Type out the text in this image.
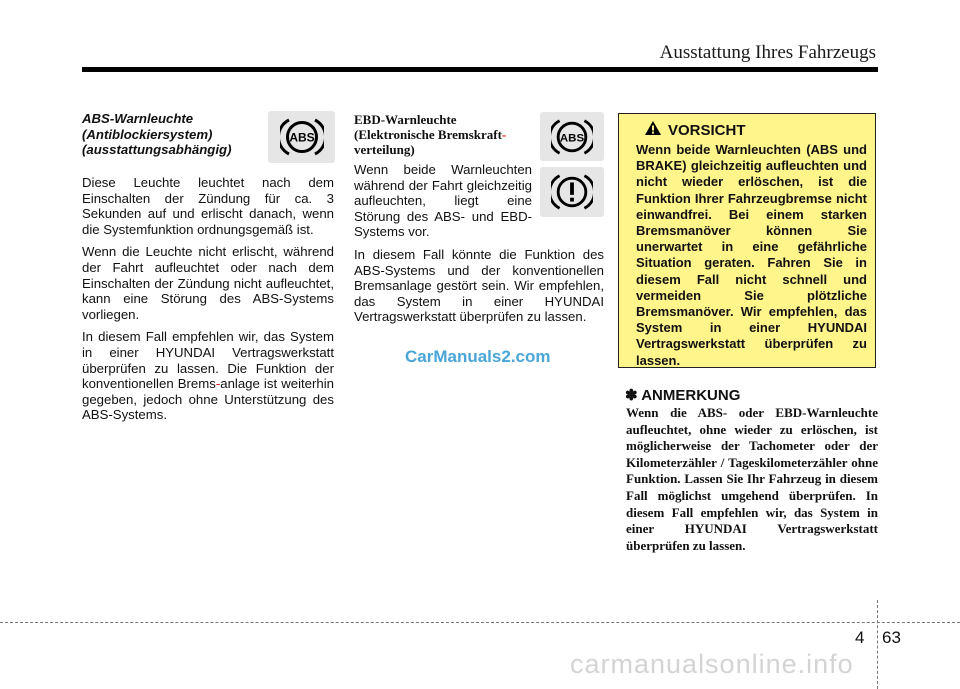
Ausstattung Ihres Fahrzeugs
ABS-Warnleuchte
(Antiblockiersystem)
(ausstattungsabhängig)
ABS

Diese Leuchte leuchtet nach dem Einschalten der Zündung für ca. 3 Sekunden auf und erlischt danach, wenn die Systemfunktion ordnungsgemäß ist.

Wenn die Leuchte nicht erlischt, während der Fahrt aufleuchtet oder nach dem Einschalten der Zündung nicht aufleuchtet, kann eine Störung des ABS-Systems vorliegen.

In diesem Fall empfehlen wir, das System in einer HYUNDAI Vertragswerkstatt überprüfen zu lassen. Die Funktion der konventionellen Brems-anlage ist weiterhin gegeben, jedoch ohne Unterstützung des ABS-Systems.

EBD-Warnleuchte
(Elektronische Bremskraft-
verteilung)
ABS

Wenn beide Warnleuchten während der Fahrt gleichzeitig aufleuchten, liegt eine Störung des ABS- und EBD-Systems vor.

In diesem Fall könnte die Funktion des ABS-Systems und der konventionellen Bremsanlage gestört sein. Wir empfehlen, das System in einer HYUNDAI Vertragswerkstatt überprüfen zu lassen.

VORSICHT
Wenn beide Warnleuchten (ABS und BRAKE) gleichzeitig aufleuchten und nicht wieder erlöschen, ist die Funktion Ihrer Fahrzeugbremse nicht einwandfrei. Bei einem starken Bremsmanöver können Sie unerwartet in eine gefährliche Situation geraten. Fahren Sie in diesem Fall nicht schnell und vermeiden Sie plötzliche Bremsmanöver. Wir empfehlen, das System in einer HYUNDAI Vertragswerkstatt überprüfen zu lassen.
✽ ANMERKUNG
Wenn die ABS- oder EBD-Warnleuchte aufleuchtet, ohne wieder zu erlöschen, ist möglicherweise der Tachometer oder der Kilometerzähler / Tageskilometerzähler ohne Funktion. Lassen Sie Ihr Fahrzeug in diesem Fall möglichst umgehend überprüfen. In diesem Fall empfehlen wir, das System in einer HYUNDAI Vertragswerkstatt überprüfen zu lassen.
CarManuals2.com
4 63
carmanualsonline.info
